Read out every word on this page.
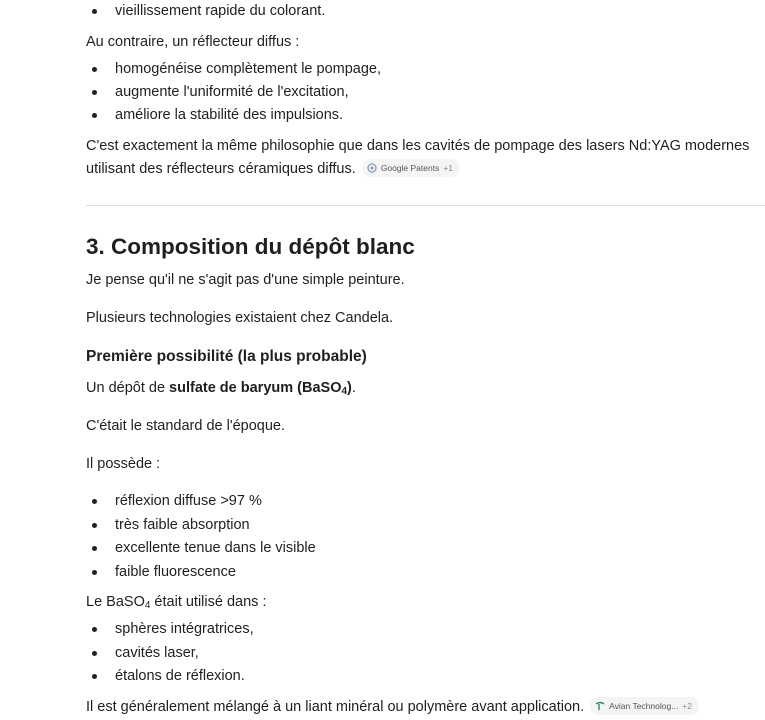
vieillissement rapide du colorant.

Au contraire, un réflecteur diffus :

homogénéise complètement le pompage,
augmente l'uniformité de l'excitation,
améliore la stabilité des impulsions.

C'est exactement la même philosophie que dans les cavités de pompage des lasers Nd:YAG modernes

utilisant des réflecteurs céramiques diffus.	Google Patents +1

3. Composition du dépôt blanc

Je pense qu'il ne s'agit pas d'une simple peinture.

Plusieurs technologies existaient chez Candela.

Première possibilité (la plus probable)

Un dépôt de sulfate de baryum (BaSO$_4$).

C'était le standard de l'époque.

Il possède :

réflexion diffuse >97 %
très faible absorption
excellente tenue dans le visible
faible fluorescence

Le BaSO$_4$ était utilisé dans :

sphères intégratrices,
cavités laser,
étalons de réflexion.

Il est généralement mélangé à un liant minéral ou polymère avant application.	Avian Technolog... +2
